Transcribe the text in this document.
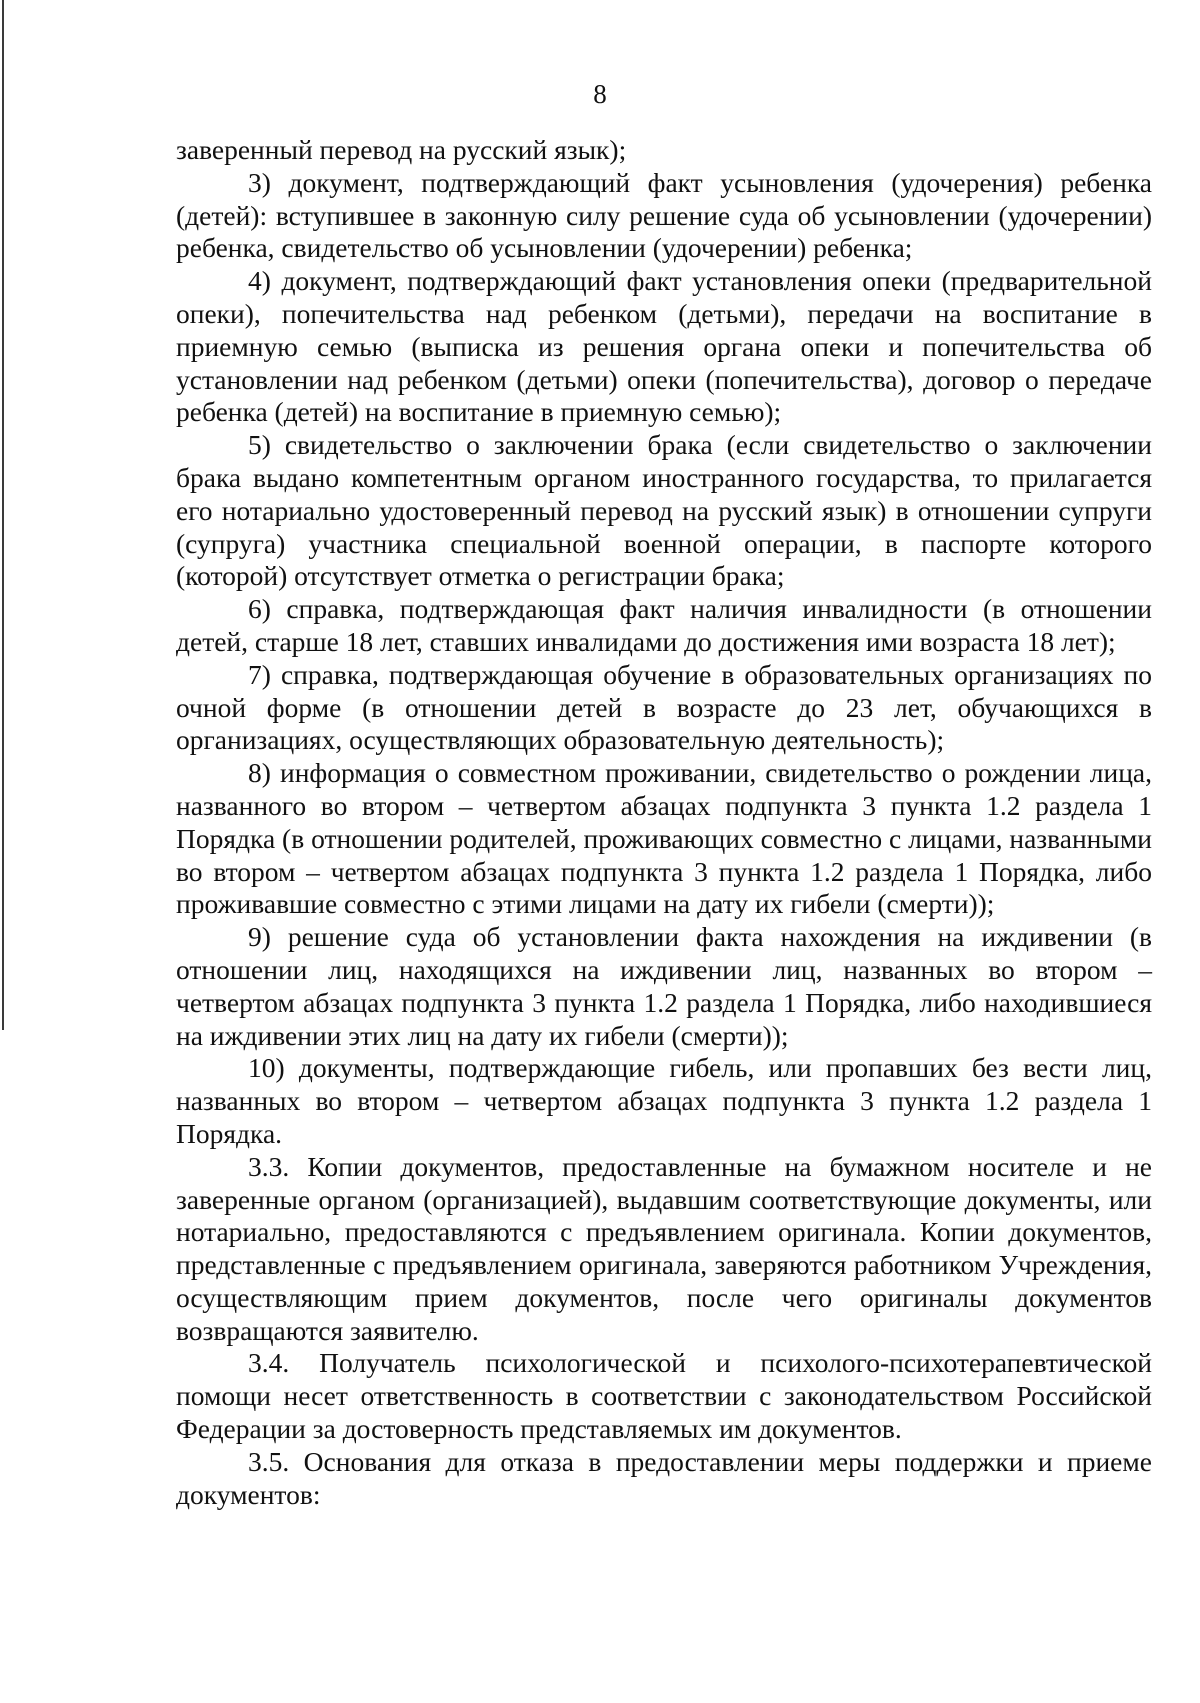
8

заверенный перевод на русский язык);

3) документ, подтверждающий факт усыновления (удочерения) ребенка (детей): вступившее в законную силу решение суда об усыновлении (удочерении) ребенка, свидетельство об усыновлении (удочерении) ребенка;

4) документ, подтверждающий факт установления опеки (предварительной опеки), попечительства над ребенком (детьми), передачи на воспитание в приемную семью (выписка из решения органа опеки и попечительства об установлении над ребенком (детьми) опеки (попечительства), договор о передаче ребенка (детей) на воспитание в приемную семью);

5) свидетельство о заключении брака (если свидетельство о заключении брака выдано компетентным органом иностранного государства, то прилагается его нотариально удостоверенный перевод на русский язык) в отношении супруги (супруга) участника специальной военной операции, в паспорте которого (которой) отсутствует отметка о регистрации брака;

6) справка, подтверждающая факт наличия инвалидности (в отношении детей, старше 18 лет, ставших инвалидами до достижения ими возраста 18 лет);

7) справка, подтверждающая обучение в образовательных организациях по очной форме (в отношении детей в возрасте до 23 лет, обучающихся в организациях, осуществляющих образовательную деятельность);

8) информация о совместном проживании, свидетельство о рождении лица, названного во втором – четвертом абзацах подпункта 3 пункта 1.2 раздела 1 Порядка (в отношении родителей, проживающих совместно с лицами, названными во втором – четвертом абзацах подпункта 3 пункта 1.2 раздела 1 Порядка, либо проживавшие совместно с этими лицами на дату их гибели (смерти));

9) решение суда об установлении факта нахождения на иждивении (в отношении лиц, находящихся на иждивении лиц, названных во втором – четвертом абзацах подпункта 3 пункта 1.2 раздела 1 Порядка, либо находившиеся на иждивении этих лиц на дату их гибели (смерти));

10) документы, подтверждающие гибель, или пропавших без вести лиц, названных во втором – четвертом абзацах подпункта 3 пункта 1.2 раздела 1 Порядка.

3.3. Копии документов, предоставленные на бумажном носителе и не заверенные органом (организацией), выдавшим соответствующие документы, или нотариально, предоставляются с предъявлением оригинала. Копии документов, представленные с предъявлением оригинала, заверяются работником Учреждения, осуществляющим прием документов, после чего оригиналы документов возвращаются заявителю.

3.4. Получатель психологической и психолого-психотерапевтической помощи несет ответственность в соответствии с законодательством Российской Федерации за достоверность представляемых им документов.

3.5. Основания для отказа в предоставлении меры поддержки и приеме документов:
